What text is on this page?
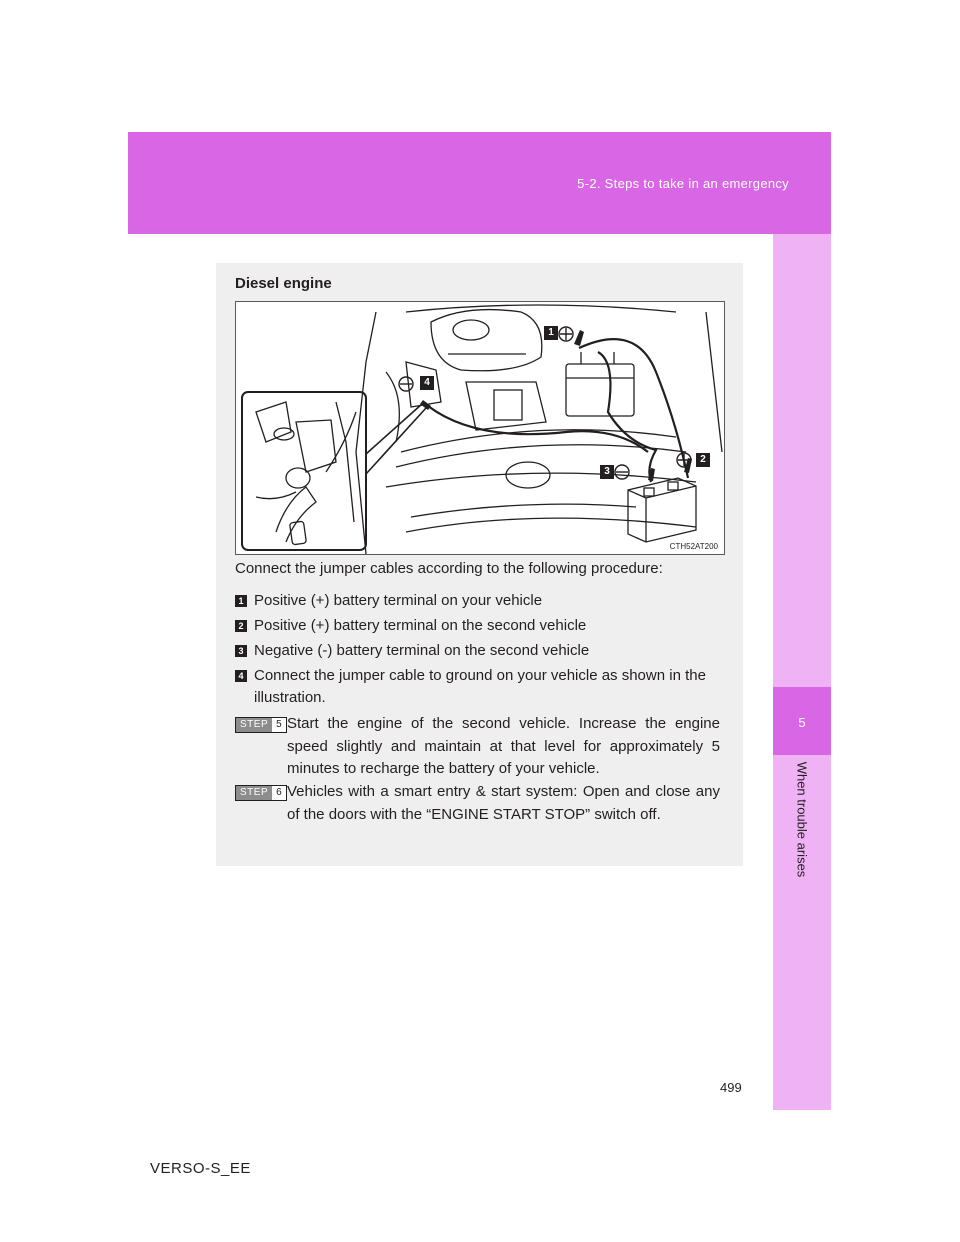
5-2. Steps to take in an emergency
5
When trouble arises
Diesel engine
1
2
3
4
CTH52AT200
Connect the jumper cables according to the following procedure:
1 Positive (+) battery terminal on your vehicle
2 Positive (+) battery terminal on the second vehicle
3 Negative (-) battery terminal on the second vehicle
4 Connect the jumper cable to ground on your vehicle as shown in the illustration.
STEP 5 Start the engine of the second vehicle. Increase the engine speed slightly and maintain at that level for approximately 5 minutes to recharge the battery of your vehicle.
STEP 6 Vehicles with a smart entry & start system: Open and close any of the doors with the “ENGINE START STOP” switch off.
499
VERSO-S_EE
